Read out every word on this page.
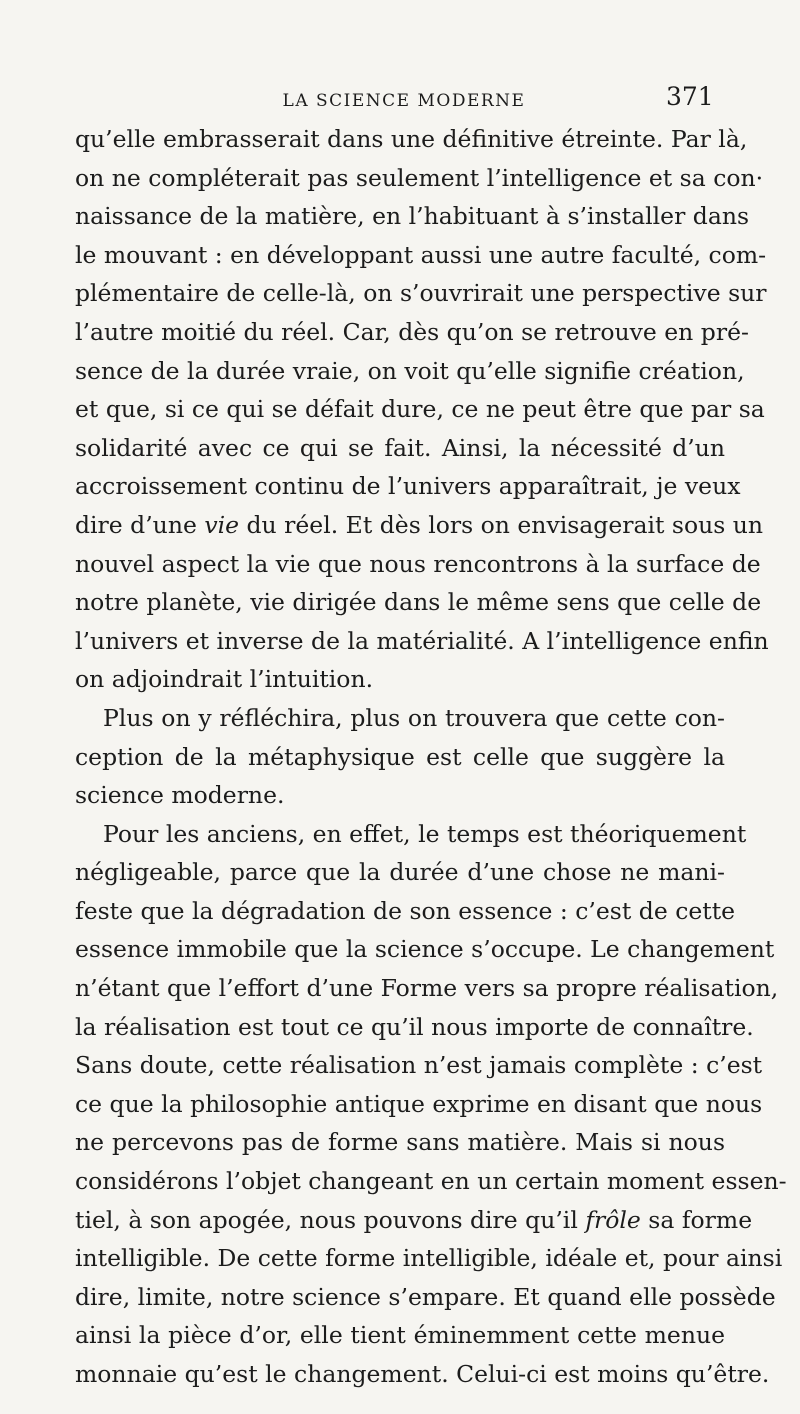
LA SCIENCE MODERNE	371
qu’elle embrasserait dans une définitive étreinte. Par là,
on ne compléterait pas seulement l’intelligence et sa con·
naissance de la matière, en l’habituant à s’installer dans
le mouvant : en développant aussi une autre faculté, com-
plémentaire de celle-là, on s’ouvrirait une perspective sur
l’autre moitié du réel. Car, dès qu’on se retrouve en pré-
sence de la durée vraie, on voit qu’elle signifie création,
et que, si ce qui se défait dure, ce ne peut être que par sa
solidarité avec ce qui se fait. Ainsi, la nécessité d’un
accroissement continu de l’univers apparaîtrait, je veux
dire d’une vie du réel. Et dès lors on envisagerait sous un
nouvel aspect la vie que nous rencontrons à la surface de
notre planète, vie dirigée dans le même sens que celle de
l’univers et inverse de la matérialité. A l’intelligence enfin
on adjoindrait l’intuition.
Plus on y réfléchira, plus on trouvera que cette con-
ception de la métaphysique est celle que suggère la
science moderne.
Pour les anciens, en effet, le temps est théoriquement
négligeable, parce que la durée d’une chose ne mani-
feste que la dégradation de son essence : c’est de cette
essence immobile que la science s’occupe. Le changement
n’étant que l’effort d’une Forme vers sa propre réalisation,
la réalisation est tout ce qu’il nous importe de connaître.
Sans doute, cette réalisation n’est jamais complète : c’est
ce que la philosophie antique exprime en disant que nous
ne percevons pas de forme sans matière. Mais si nous
considérons l’objet changeant en un certain moment essen-
tiel, à son apogée, nous pouvons dire qu’il frôle sa forme
intelligible. De cette forme intelligible, idéale et, pour ainsi
dire, limite, notre science s’empare. Et quand elle possède
ainsi la pièce d’or, elle tient éminemment cette menue
monnaie qu’est le changement. Celui-ci est moins qu’être.
